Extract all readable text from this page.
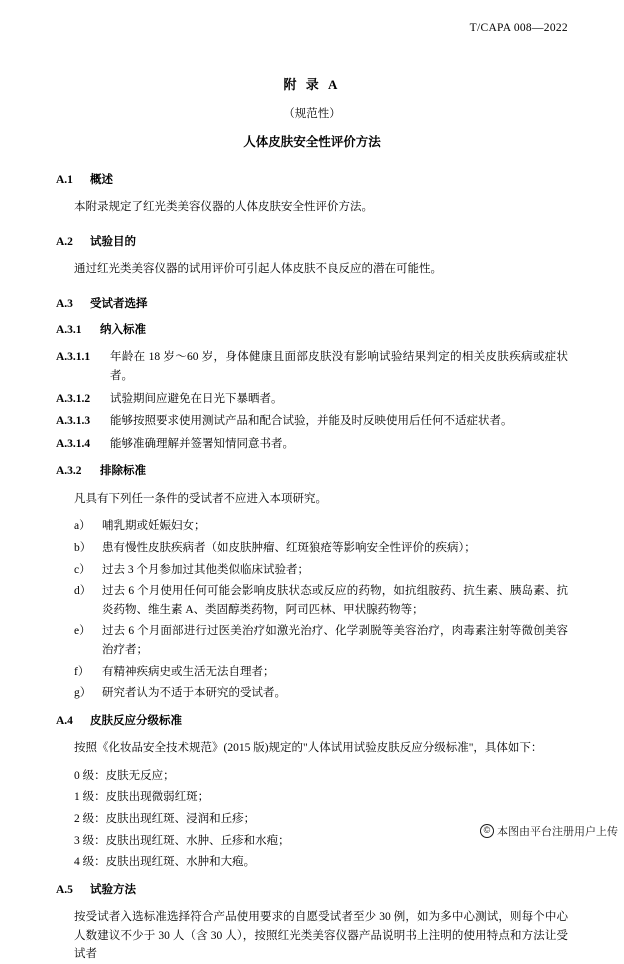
T/CAPA 008—2022
附 录 A
（规范性）
人体皮肤安全性评价方法
A.1 概述

本附录规定了红光类美容仪器的人体皮肤安全性评价方法。

A.2 试验目的

通过红光类美容仪器的试用评价可引起人体皮肤不良反应的潜在可能性。

A.3 受试者选择
A.3.1 纳入标准
A.3.1.1	年龄在 18 岁～60 岁，身体健康且面部皮肤没有影响试验结果判定的相关皮肤疾病或症状者。
A.3.1.2	试验期间应避免在日光下暴晒者。
A.3.1.3	能够按照要求使用测试产品和配合试验，并能及时反映使用后任何不适症状者。
A.3.1.4	能够准确理解并签署知情同意书者。
A.3.2 排除标准

凡具有下列任一条件的受试者不应进入本项研究。

a） 哺乳期或妊娠妇女；
b） 患有慢性皮肤疾病者（如皮肤肿瘤、红斑狼疮等影响安全性评价的疾病）；
c） 过去 3 个月参加过其他类似临床试验者；
d） 过去 6 个月使用任何可能会影响皮肤状态或反应的药物，如抗组胺药、抗生素、胰岛素、抗炎药物、维生素 A、类固醇类药物，阿司匹林、甲状腺药物等；
e） 过去 6 个月面部进行过医美治疗如激光治疗、化学剥脱等美容治疗，肉毒素注射等微创美容治疗者；
f）	有精神疾病史或生活无法自理者；
g） 研究者认为不适于本研究的受试者。
A.4 皮肤反应分级标准

按照《化妆品安全技术规范》(2015 版)规定的"人体试用试验皮肤反应分级标准"，具体如下：

0 级：皮肤无反应；
1 级：皮肤出现微弱红斑；
2 级：皮肤出现红斑、浸润和丘疹；
3 级：皮肤出现红斑、水肿、丘疹和水疱；
4 级：皮肤出现红斑、水肿和大疱。
A.5 试验方法

按受试者入选标准选择符合产品使用要求的自愿受试者至少 30 例，如为多中心测试，则每个中心人数建议不少于 30 人（含 30 人），按照红光类美容仪器产品说明书上注明的使用特点和方法让受试者

© 本图由平台注册用户上传
